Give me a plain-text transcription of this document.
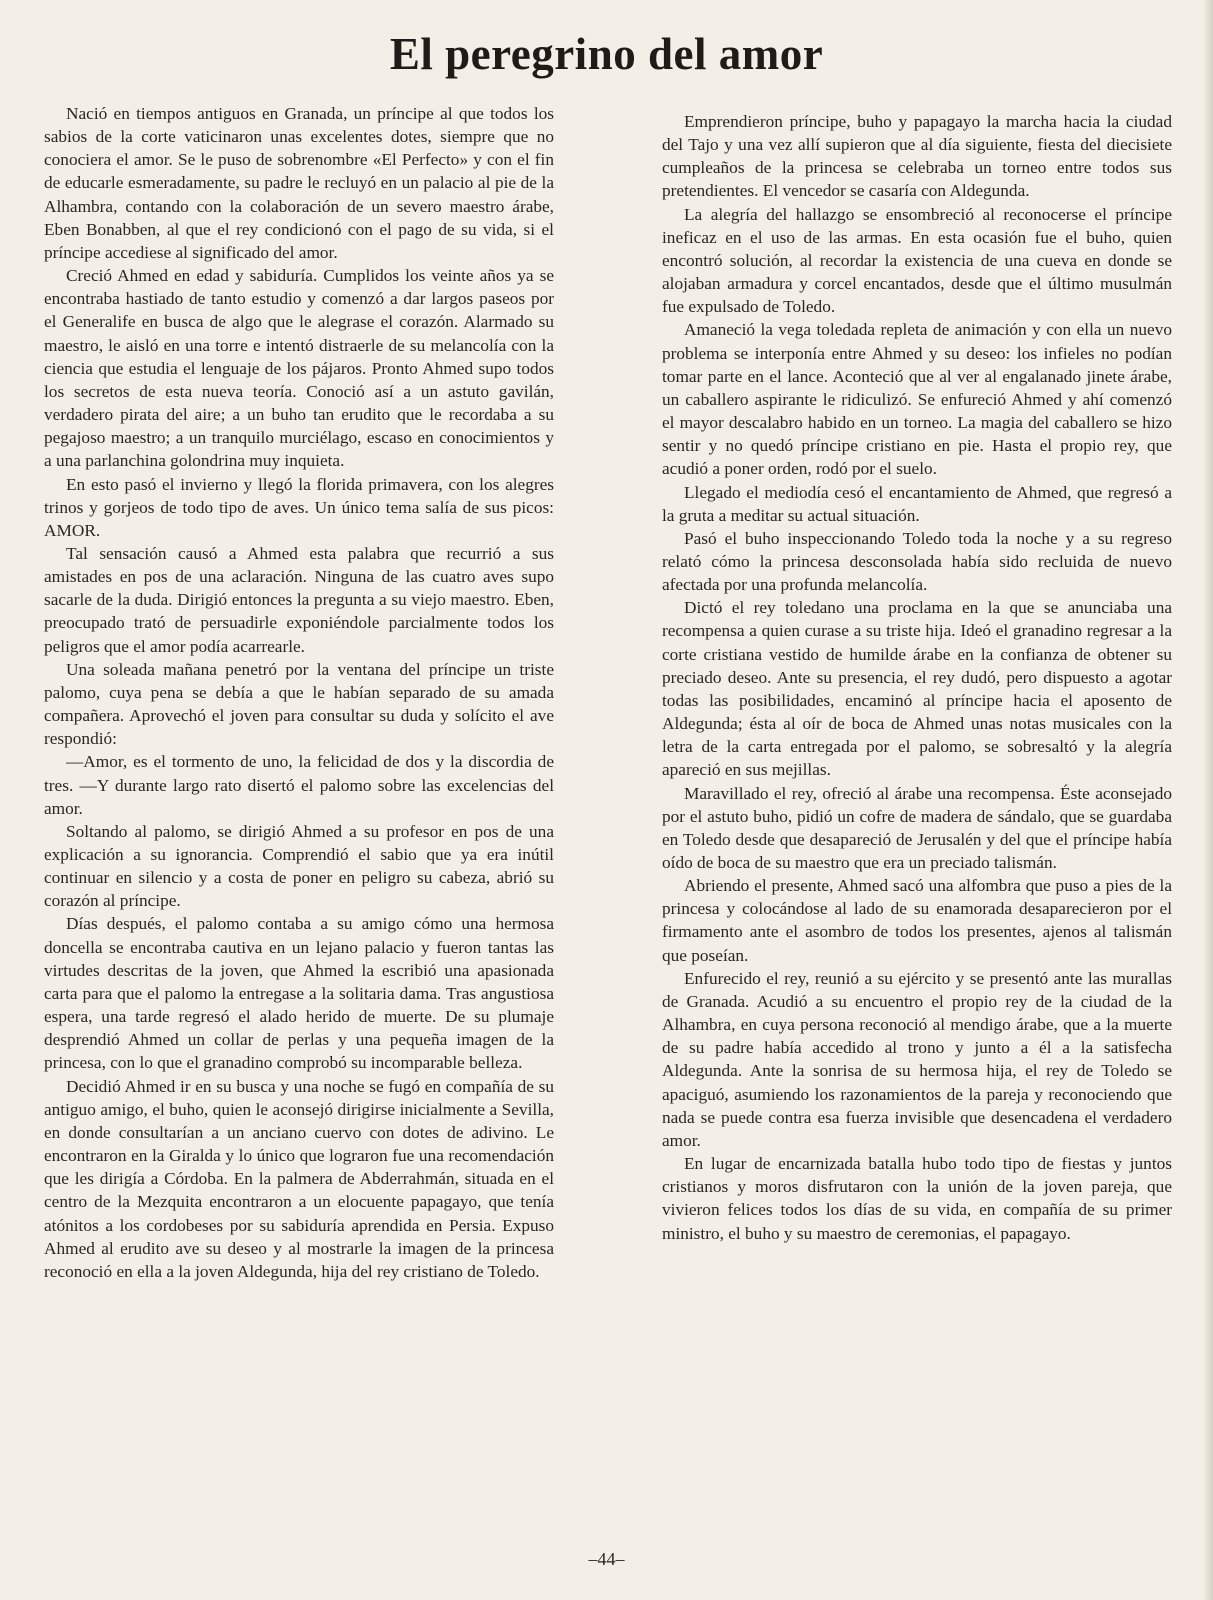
El peregrino del amor

Nació en tiempos antiguos en Granada, un príncipe al que todos los sabios de la corte vaticinaron unas excelentes dotes, siempre que no conociera el amor. Se le puso de sobrenombre «El Perfecto» y con el fin de educarle esmeradamente, su padre le recluyó en un palacio al pie de la Alhambra, contando con la colaboración de un severo maestro árabe, Eben Bonabben, al que el rey condicionó con el pago de su vida, si el príncipe accediese al significado del amor.

Creció Ahmed en edad y sabiduría. Cumplidos los veinte años ya se encontraba hastiado de tanto estudio y comenzó a dar largos paseos por el Generalife en busca de algo que le alegrase el corazón. Alarmado su maestro, le aisló en una torre e intentó distraerle de su melancolía con la ciencia que estudia el lenguaje de los pájaros. Pronto Ahmed supo todos los secretos de esta nueva teoría. Conoció así a un astuto gavilán, verdadero pirata del aire; a un buho tan erudito que le recordaba a su pegajoso maestro; a un tranquilo murciélago, escaso en conocimientos y a una parlanchina golondrina muy inquieta.

En esto pasó el invierno y llegó la florida primavera, con los alegres trinos y gorjeos de todo tipo de aves. Un único tema salía de sus picos: AMOR.

Tal sensación causó a Ahmed esta palabra que recurrió a sus amistades en pos de una aclaración. Ninguna de las cuatro aves supo sacarle de la duda. Dirigió entonces la pregunta a su viejo maestro. Eben, preocupado trató de persuadirle exponiéndole parcialmente todos los peligros que el amor podía acarrearle.

Una soleada mañana penetró por la ventana del príncipe un triste palomo, cuya pena se debía a que le habían separado de su amada compañera. Aprovechó el joven para consultar su duda y solícito el ave respondió:

—Amor, es el tormento de uno, la felicidad de dos y la discordia de tres. —Y durante largo rato disertó el palomo sobre las excelencias del amor.

Soltando al palomo, se dirigió Ahmed a su profesor en pos de una explicación a su ignorancia. Comprendió el sabio que ya era inútil continuar en silencio y a costa de poner en peligro su cabeza, abrió su corazón al príncipe.

Días después, el palomo contaba a su amigo cómo una hermosa doncella se encontraba cautiva en un lejano palacio y fueron tantas las virtudes descritas de la joven, que Ahmed la escribió una apasionada carta para que el palomo la entregase a la solitaria dama. Tras angustiosa espera, una tarde regresó el alado herido de muerte. De su plumaje desprendió Ahmed un collar de perlas y una pequeña imagen de la princesa, con lo que el granadino comprobó su incomparable belleza.

Decidió Ahmed ir en su busca y una noche se fugó en compañía de su antiguo amigo, el buho, quien le aconsejó dirigirse inicialmente a Sevilla, en donde consultarían a un anciano cuervo con dotes de adivino. Le encontraron en la Giralda y lo único que lograron fue una recomendación que les dirigía a Córdoba. En la palmera de Abderrahmán, situada en el centro de la Mezquita encontraron a un elocuente papagayo, que tenía atónitos a los cordobeses por su sabiduría aprendida en Persia. Expuso Ahmed al erudito ave su deseo y al mostrarle la imagen de la princesa reconoció en ella a la joven Aldegunda, hija del rey cristiano de Toledo.

Emprendieron príncipe, buho y papagayo la marcha hacia la ciudad del Tajo y una vez allí supieron que al día siguiente, fiesta del diecisiete cumpleaños de la princesa se celebraba un torneo entre todos sus pretendientes. El vencedor se casaría con Aldegunda.

La alegría del hallazgo se ensombreció al reconocerse el príncipe ineficaz en el uso de las armas. En esta ocasión fue el buho, quien encontró solución, al recordar la existencia de una cueva en donde se alojaban armadura y corcel encantados, desde que el último musulmán fue expulsado de Toledo.

Amaneció la vega toledada repleta de animación y con ella un nuevo problema se interponía entre Ahmed y su deseo: los infieles no podían tomar parte en el lance. Aconteció que al ver al engalanado jinete árabe, un caballero aspirante le ridiculizó. Se enfureció Ahmed y ahí comenzó el mayor descalabro habido en un torneo. La magia del caballero se hizo sentir y no quedó príncipe cristiano en pie. Hasta el propio rey, que acudió a poner orden, rodó por el suelo.

Llegado el mediodía cesó el encantamiento de Ahmed, que regresó a la gruta a meditar su actual situación.

Pasó el buho inspeccionando Toledo toda la noche y a su regreso relató cómo la princesa desconsolada había sido recluida de nuevo afectada por una profunda melancolía.

Dictó el rey toledano una proclama en la que se anunciaba una recompensa a quien curase a su triste hija. Ideó el granadino regresar a la corte cristiana vestido de humilde árabe en la confianza de obtener su preciado deseo. Ante su presencia, el rey dudó, pero dispuesto a agotar todas las posibilidades, encaminó al príncipe hacia el aposento de Aldegunda; ésta al oír de boca de Ahmed unas notas musicales con la letra de la carta entregada por el palomo, se sobresaltó y la alegría apareció en sus mejillas.

Maravillado el rey, ofreció al árabe una recompensa. Éste aconsejado por el astuto buho, pidió un cofre de madera de sándalo, que se guardaba en Toledo desde que desapareció de Jerusalén y del que el príncipe había oído de boca de su maestro que era un preciado talismán.

Abriendo el presente, Ahmed sacó una alfombra que puso a pies de la princesa y colocándose al lado de su enamorada desaparecieron por el firmamento ante el asombro de todos los presentes, ajenos al talismán que poseían.

Enfurecido el rey, reunió a su ejército y se presentó ante las murallas de Granada. Acudió a su encuentro el propio rey de la ciudad de la Alhambra, en cuya persona reconoció al mendigo árabe, que a la muerte de su padre había accedido al trono y junto a él a la satisfecha Aldegunda. Ante la sonrisa de su hermosa hija, el rey de Toledo se apaciguó, asumiendo los razonamientos de la pareja y reconociendo que nada se puede contra esa fuerza invisible que desencadena el verdadero amor.

En lugar de encarnizada batalla hubo todo tipo de fiestas y juntos cristianos y moros disfrutaron con la unión de la joven pareja, que vivieron felices todos los días de su vida, en compañía de su primer ministro, el buho y su maestro de ceremonias, el papagayo.

–44–
